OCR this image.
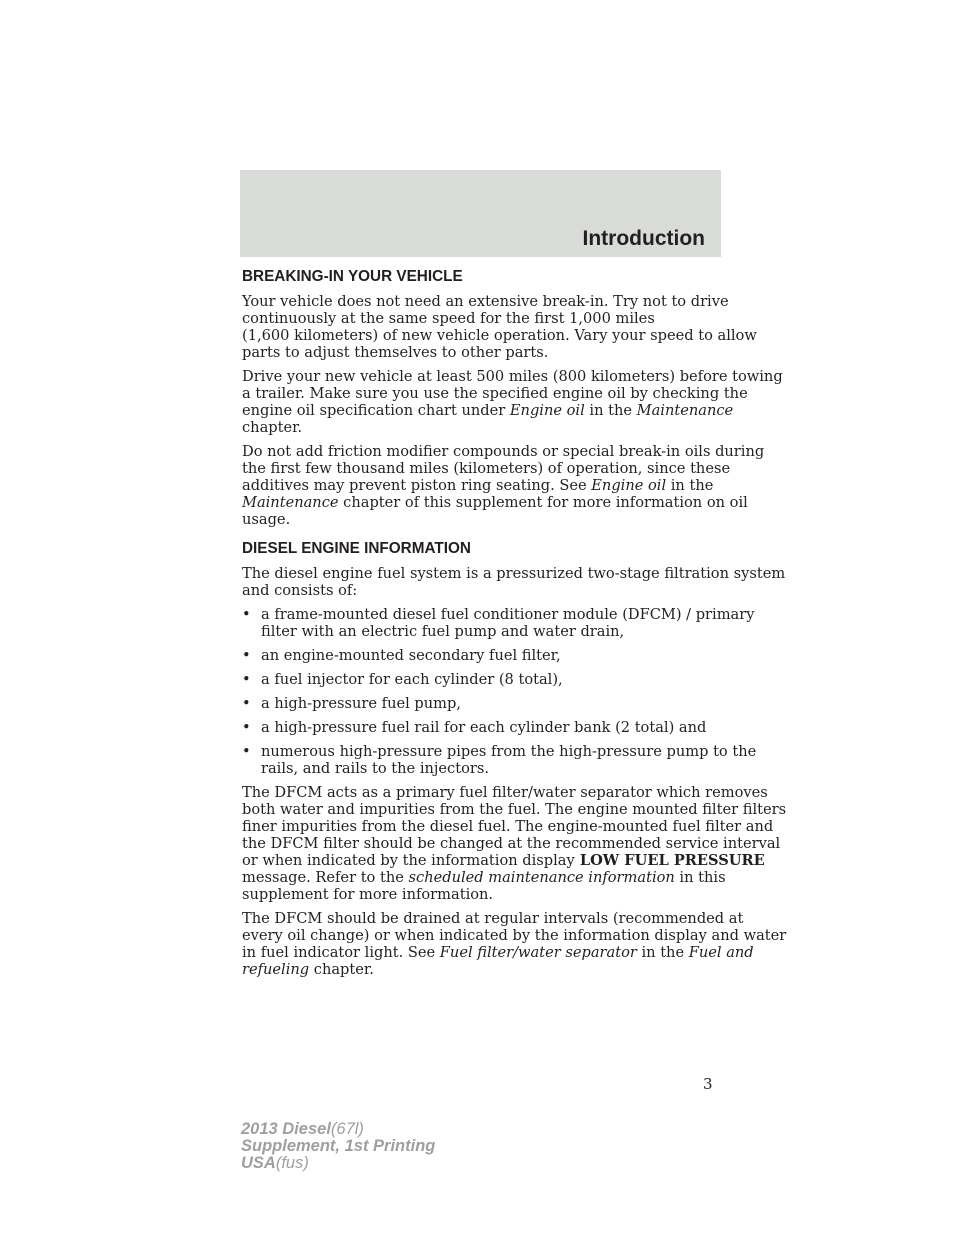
Introduction
BREAKING-IN YOUR VEHICLE

Your vehicle does not need an extensive break-in. Try not to drive
continuously at the same speed for the first 1,000 miles
(1,600 kilometers) of new vehicle operation. Vary your speed to allow
parts to adjust themselves to other parts.

Drive your new vehicle at least 500 miles (800 kilometers) before towing
a trailer. Make sure you use the specified engine oil by checking the
engine oil specification chart under Engine oil in the Maintenance
chapter.

Do not add friction modifier compounds or special break-in oils during
the first few thousand miles (kilometers) of operation, since these
additives may prevent piston ring seating. See Engine oil in the
Maintenance chapter of this supplement for more information on oil
usage.

DIESEL ENGINE INFORMATION

The diesel engine fuel system is a pressurized two-stage filtration system
and consists of:

• a frame-mounted diesel fuel conditioner module (DFCM) / primary
filter with an electric fuel pump and water drain,
• an engine-mounted secondary fuel filter,
• a fuel injector for each cylinder (8 total),
• a high-pressure fuel pump,
• a high-pressure fuel rail for each cylinder bank (2 total) and
• numerous high-pressure pipes from the high-pressure pump to the
rails, and rails to the injectors.

The DFCM acts as a primary fuel filter/water separator which removes
both water and impurities from the fuel. The engine mounted filter filters
finer impurities from the diesel fuel. The engine-mounted fuel filter and
the DFCM filter should be changed at the recommended service interval
or when indicated by the information display LOW FUEL PRESSURE
message. Refer to the scheduled maintenance information in this
supplement for more information.

The DFCM should be drained at regular intervals (recommended at
every oil change) or when indicated by the information display and water
in fuel indicator light. See Fuel filter/water separator in the Fuel and
refueling chapter.

3
2013 Diesel(67l)
Supplement, 1st Printing
USA(fus)
